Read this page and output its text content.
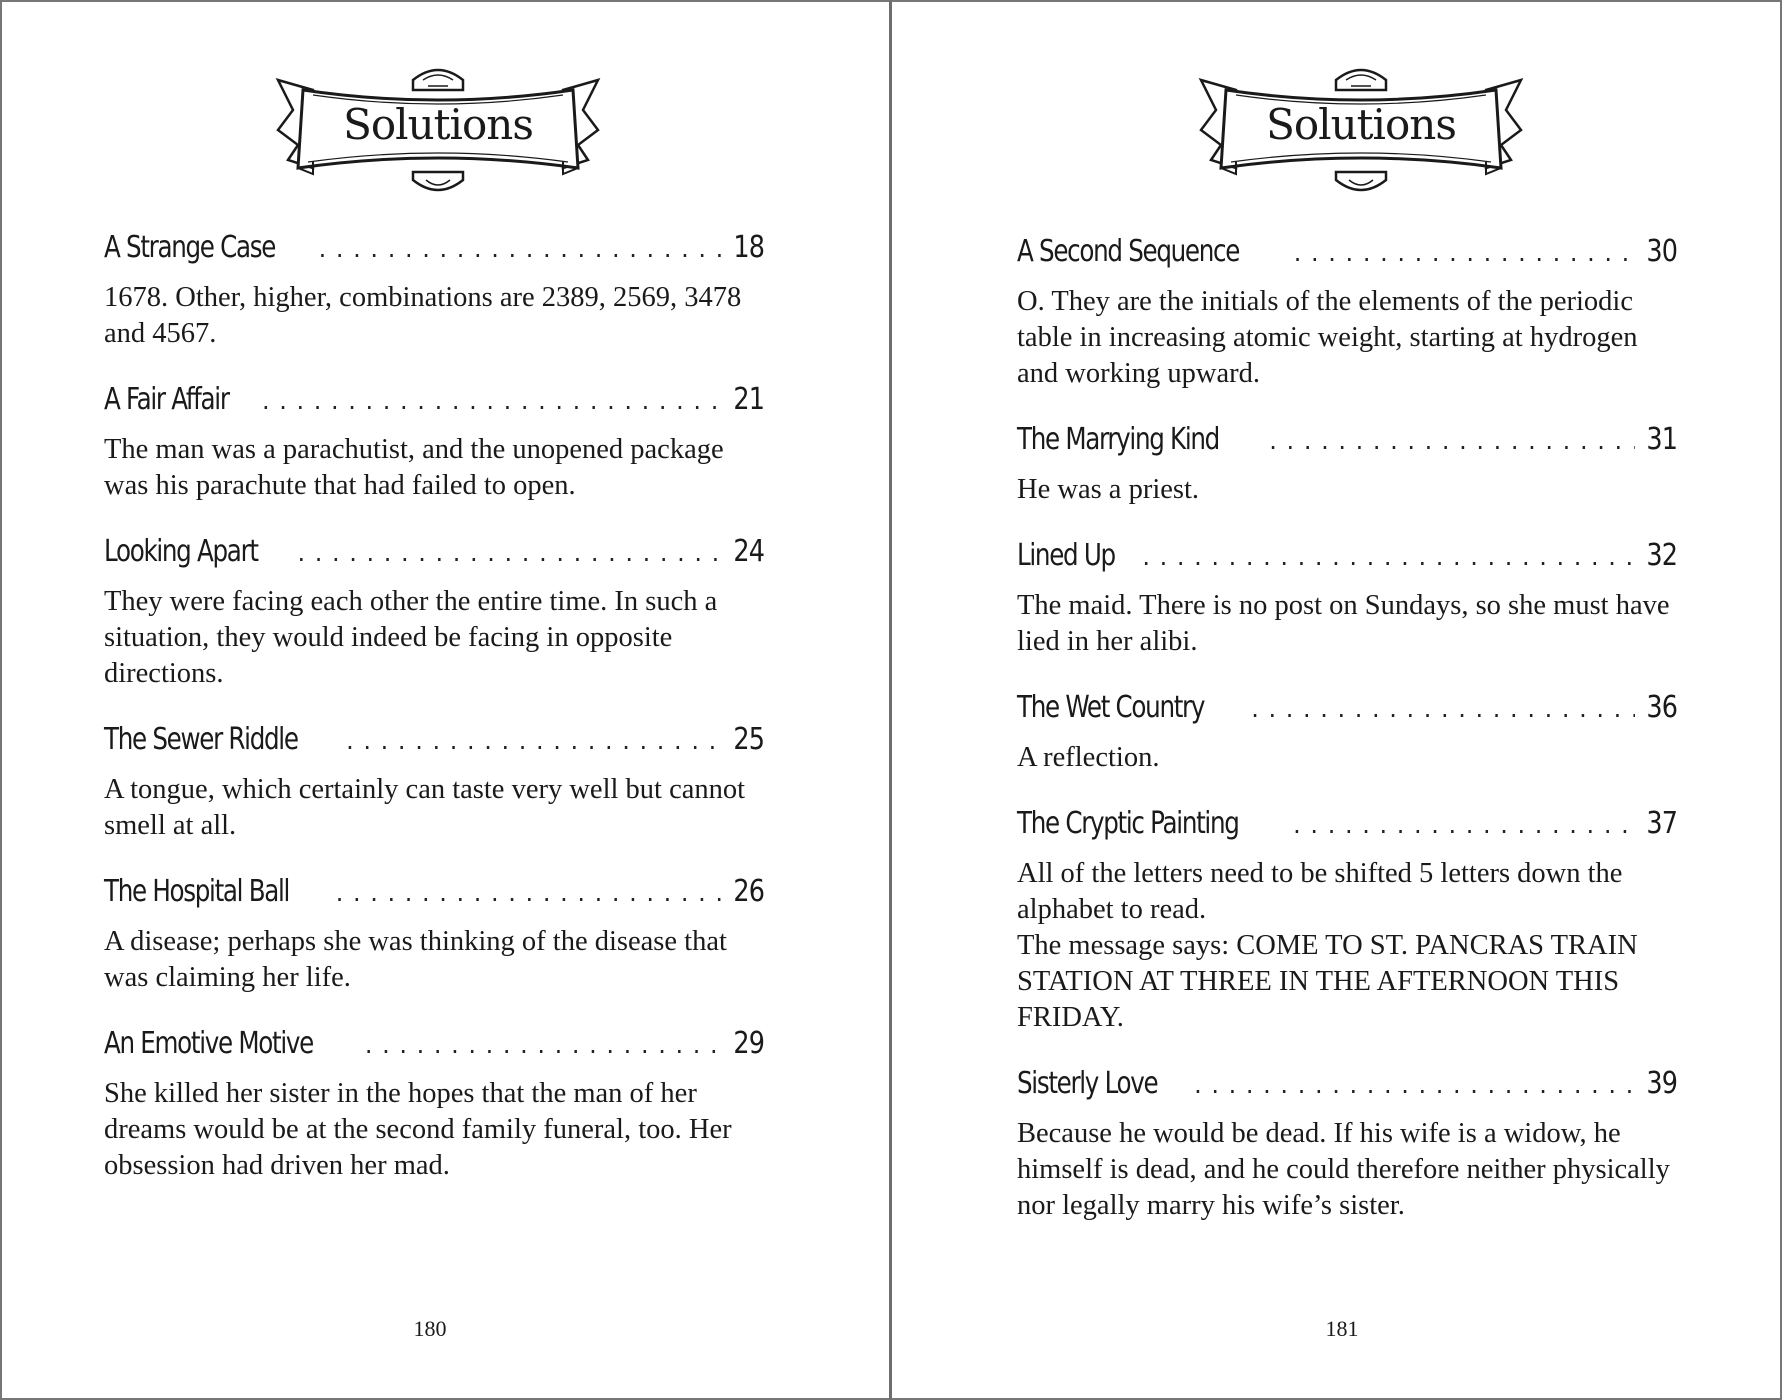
Solutions
A Strange Case . . .	18
1678. Other, higher, combinations are 2389, 2569, 3478 and 4567.
A Fair Affair . . .	21
The man was a parachutist, and the unopened package was his parachute that had failed to open.
Looking Apart . . .	24
They were facing each other the entire time. In such a situation, they would indeed be facing in opposite directions.
The Sewer Riddle . . .	25
A tongue, which certainly can taste very well but cannot smell at all.
The Hospital Ball . . .	26
A disease; perhaps she was thinking of the disease that was claiming her life.
An Emotive Motive . . .	29
She killed her sister in the hopes that the man of her dreams would be at the second family funeral, too. Her obsession had driven her mad.
180
Solutions
A Second Sequence . . .	30
O. They are the initials of the elements of the periodic table in increasing atomic weight, starting at hydrogen and working upward.
The Marrying Kind . . .	31
He was a priest.
Lined Up . . .	32
The maid. There is no post on Sundays, so she must have lied in her alibi.
The Wet Country . . .	36
A reflection.
The Cryptic Painting . . .	37
All of the letters need to be shifted 5 letters down the alphabet to read.
The message says: COME TO ST. PANCRAS TRAIN STATION AT THREE IN THE AFTERNOON THIS FRIDAY.
Sisterly Love . . .	39
Because he would be dead. If his wife is a widow, he himself is dead, and he could therefore neither physically nor legally marry his wife’s sister.
181
